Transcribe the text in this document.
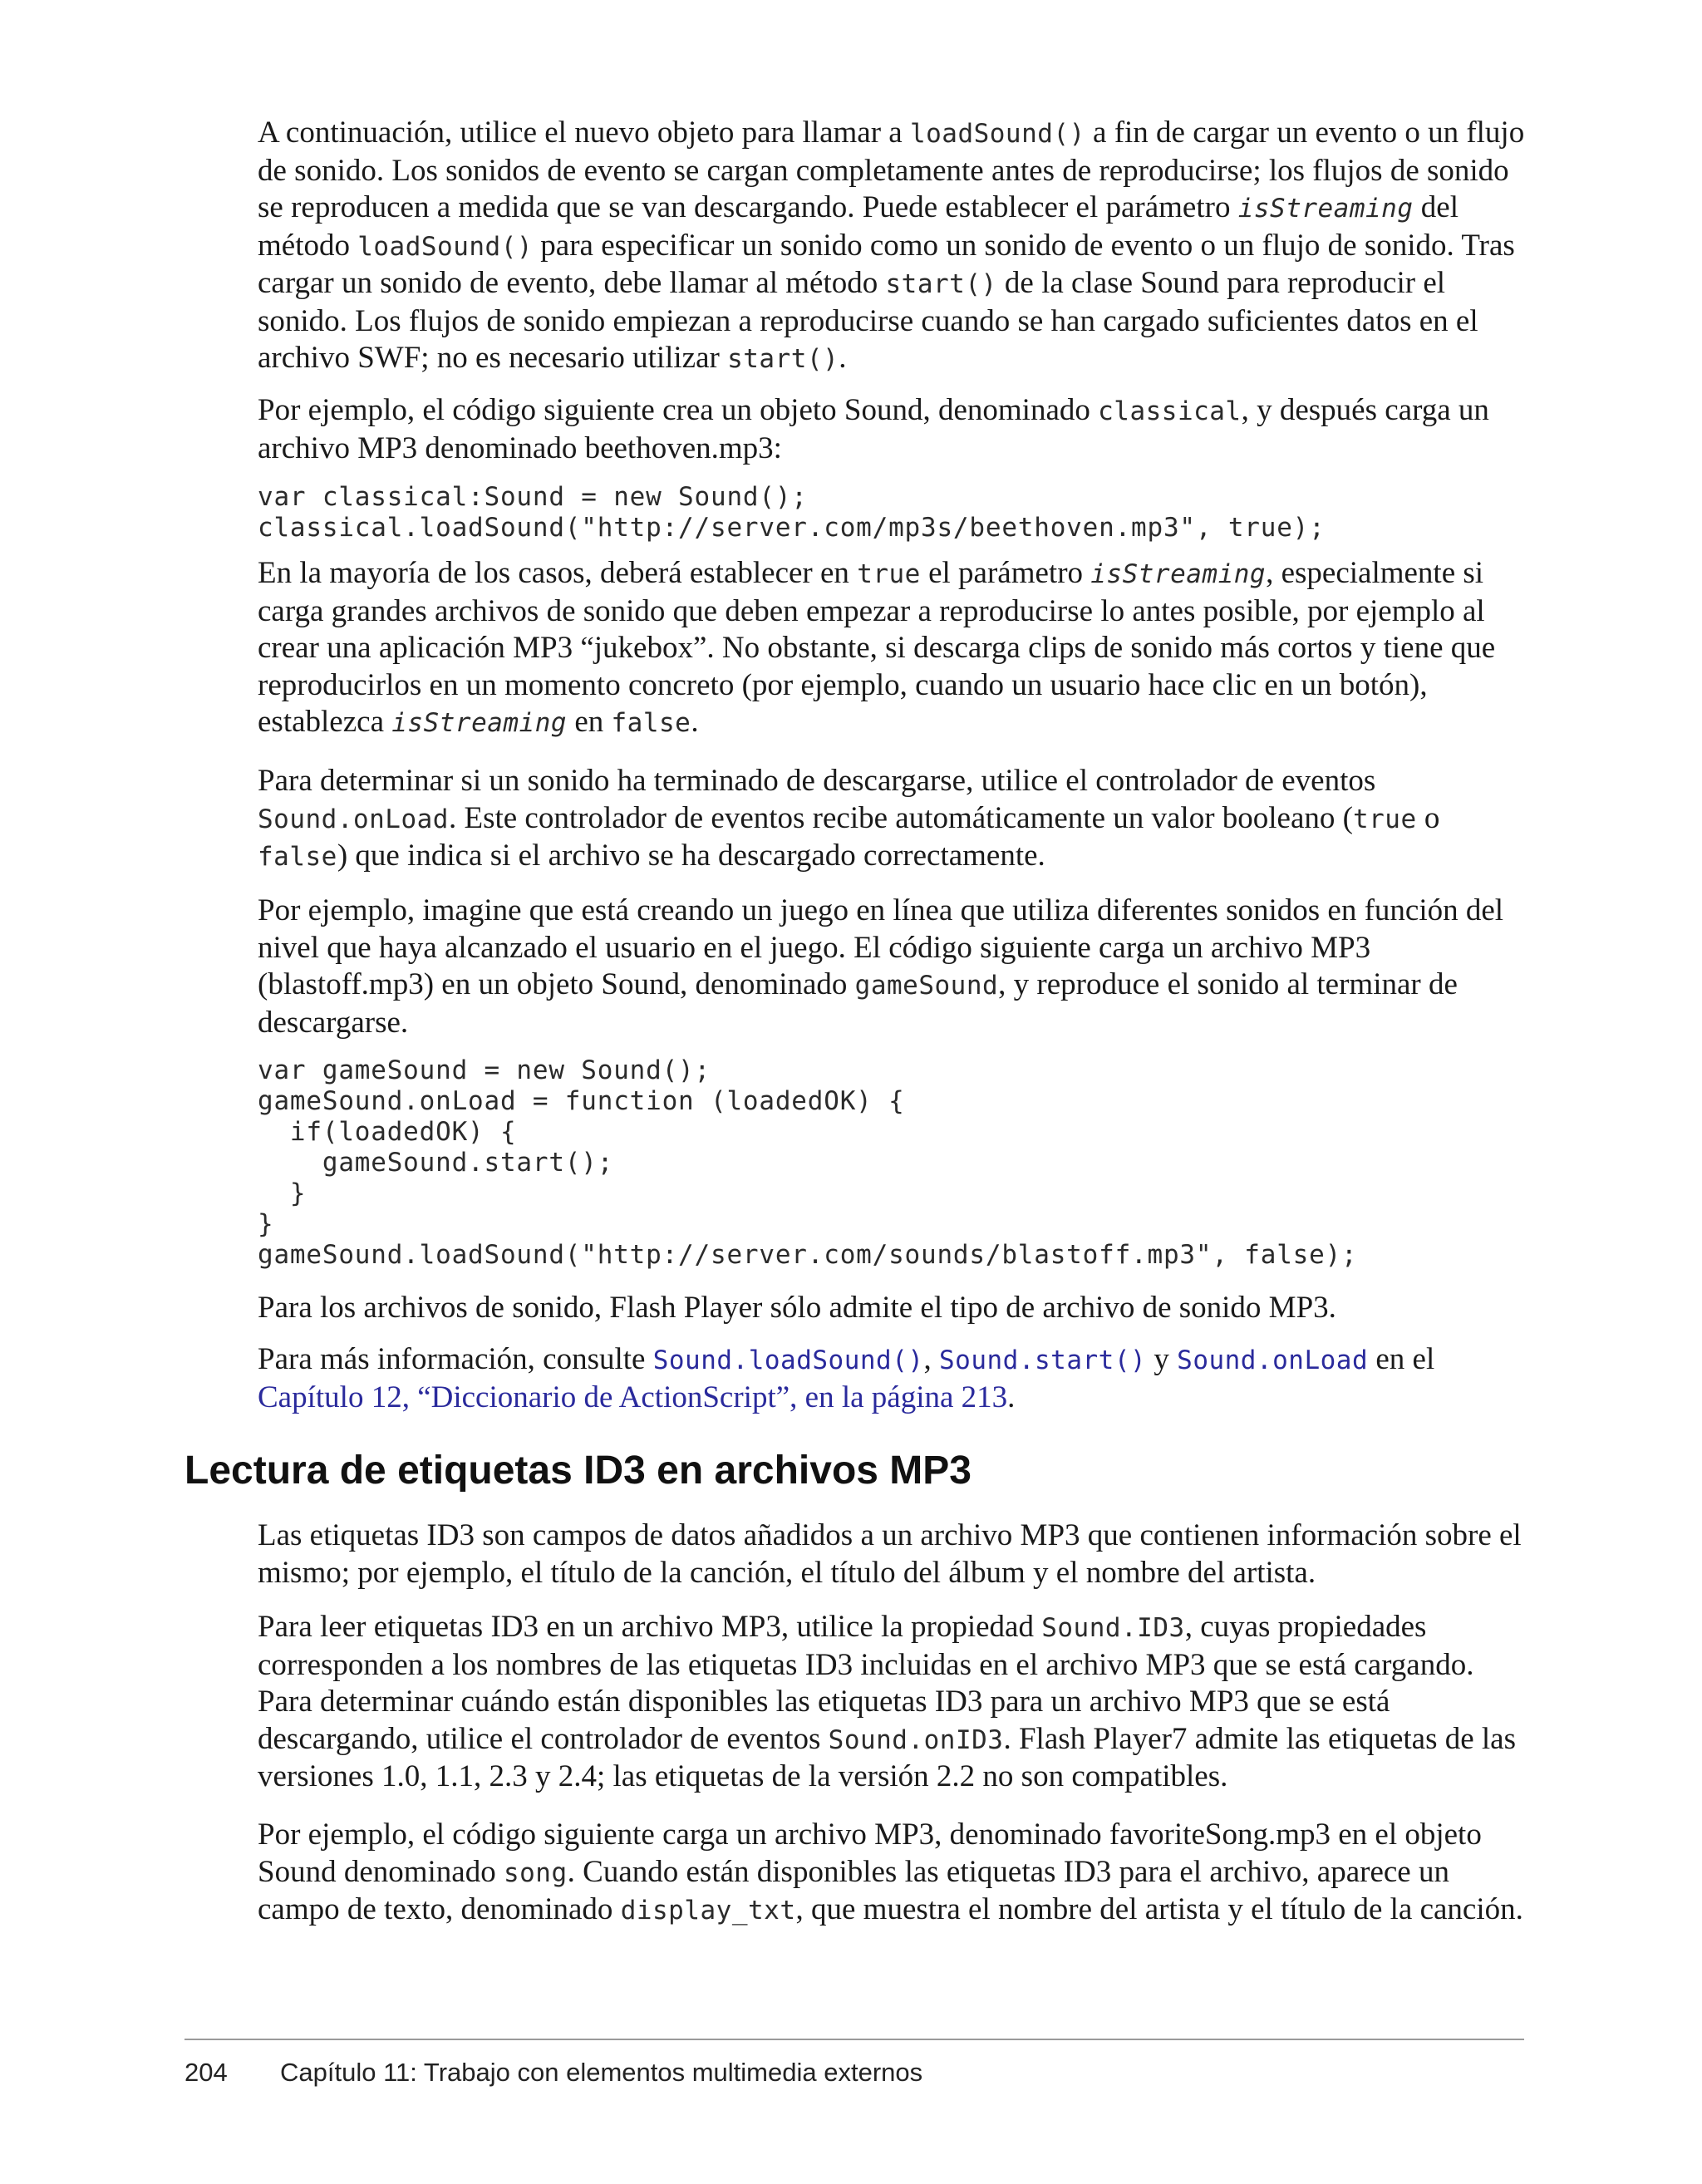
A continuación, utilice el nuevo objeto para llamar a loadSound() a fin de cargar un evento o un flujo de sonido. Los sonidos de evento se cargan completamente antes de reproducirse; los flujos de sonido se reproducen a medida que se van descargando. Puede establecer el parámetro isStreaming del método loadSound() para especificar un sonido como un sonido de evento o un flujo de sonido. Tras cargar un sonido de evento, debe llamar al método start() de la clase Sound para reproducir el sonido. Los flujos de sonido empiezan a reproducirse cuando se han cargado suficientes datos en el archivo SWF; no es necesario utilizar start().

Por ejemplo, el código siguiente crea un objeto Sound, denominado classical, y después carga un archivo MP3 denominado beethoven.mp3:

var classical:Sound = new Sound();
classical.loadSound("http://server.com/mp3s/beethoven.mp3", true);

En la mayoría de los casos, deberá establecer en true el parámetro isStreaming, especialmente si carga grandes archivos de sonido que deben empezar a reproducirse lo antes posible, por ejemplo al crear una aplicación MP3 “jukebox”. No obstante, si descarga clips de sonido más cortos y tiene que reproducirlos en un momento concreto (por ejemplo, cuando un usuario hace clic en un botón), establezca isStreaming en false.

Para determinar si un sonido ha terminado de descargarse, utilice el controlador de eventos Sound.onLoad. Este controlador de eventos recibe automáticamente un valor booleano (true o false) que indica si el archivo se ha descargado correctamente.

Por ejemplo, imagine que está creando un juego en línea que utiliza diferentes sonidos en función del nivel que haya alcanzado el usuario en el juego. El código siguiente carga un archivo MP3 (blastoff.mp3) en un objeto Sound, denominado gameSound, y reproduce el sonido al terminar de descargarse.

var gameSound = new Sound();
gameSound.onLoad = function (loadedOK) {
if(loadedOK) {
gameSound.start();
}
}
gameSound.loadSound("http://server.com/sounds/blastoff.mp3", false);

Para los archivos de sonido, Flash Player sólo admite el tipo de archivo de sonido MP3.

Para más información, consulte Sound.loadSound(), Sound.start() y Sound.onLoad en el Capítulo 12, “Diccionario de ActionScript”, en la página 213.

Lectura de etiquetas ID3 en archivos MP3

Las etiquetas ID3 son campos de datos añadidos a un archivo MP3 que contienen información sobre el mismo; por ejemplo, el título de la canción, el título del álbum y el nombre del artista.

Para leer etiquetas ID3 en un archivo MP3, utilice la propiedad Sound.ID3, cuyas propiedades corresponden a los nombres de las etiquetas ID3 incluidas en el archivo MP3 que se está cargando. Para determinar cuándo están disponibles las etiquetas ID3 para un archivo MP3 que se está descargando, utilice el controlador de eventos Sound.onID3. Flash Player7 admite las etiquetas de las versiones 1.0, 1.1, 2.3 y 2.4; las etiquetas de la versión 2.2 no son compatibles.

Por ejemplo, el código siguiente carga un archivo MP3, denominado favoriteSong.mp3 en el objeto Sound denominado song. Cuando están disponibles las etiquetas ID3 para el archivo, aparece un campo de texto, denominado display_txt, que muestra el nombre del artista y el título de la canción.

204 Capítulo 11: Trabajo con elementos multimedia externos
